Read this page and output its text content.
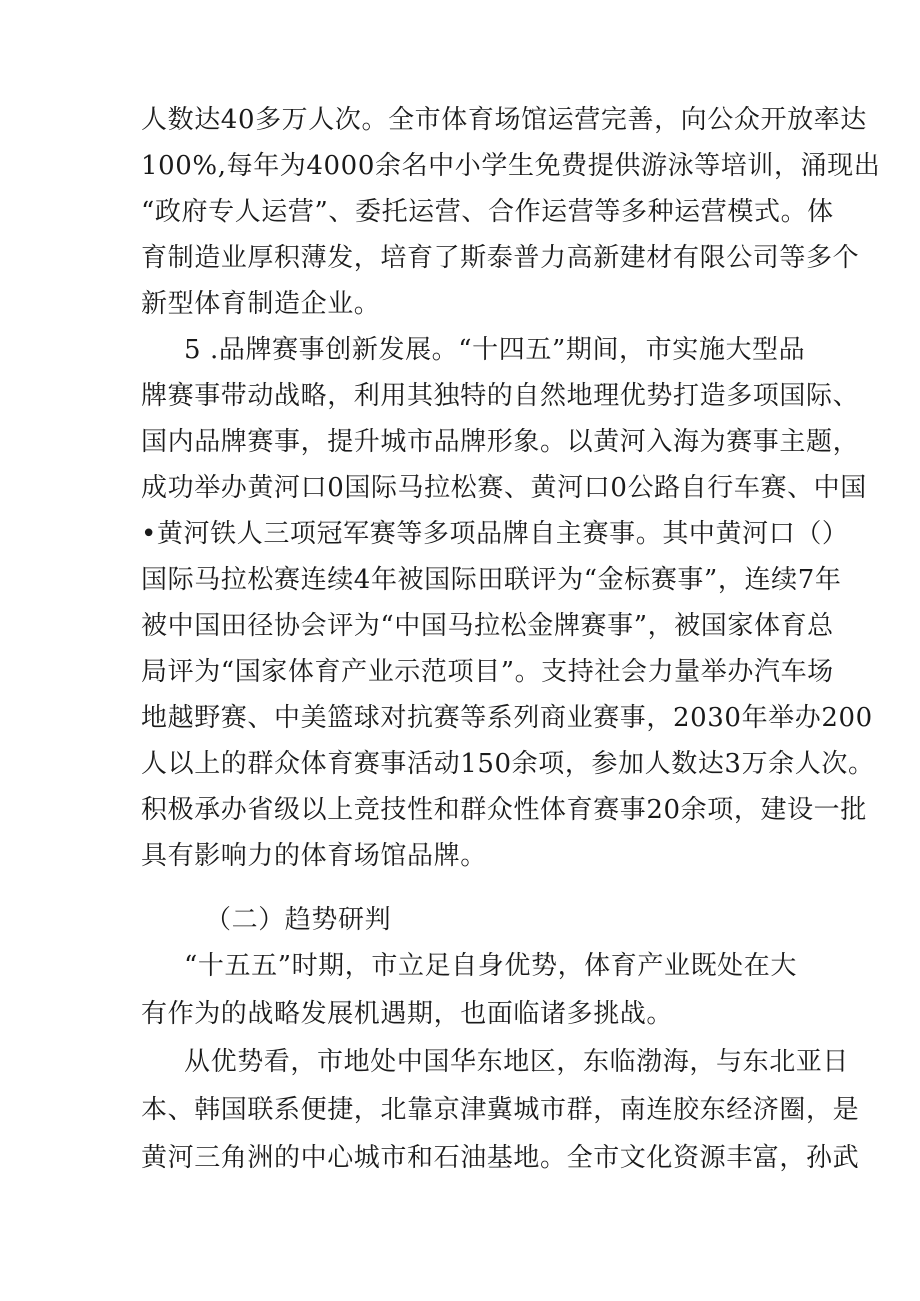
人数达40多万人次。全市体育场馆运营完善，向公众开放率达
100%,每年为4000余名中小学生免费提供游泳等培训，涌现出
“政府专人运营”、委托运营、合作运营等多种运营模式。体
育制造业厚积薄发，培育了斯泰普力高新建材有限公司等多个
新型体育制造企业。
5 .品牌赛事创新发展。“十四五”期间，市实施大型品
牌赛事带动战略，利用其独特的自然地理优势打造多项国际、
国内品牌赛事，提升城市品牌形象。以黄河入海为赛事主题，
成功举办黄河口0国际马拉松赛、黄河口0公路自行车赛、中国
•黄河铁人三项冠军赛等多项品牌自主赛事。其中黄河口（）
国际马拉松赛连续4年被国际田联评为“金标赛事”，连续7年
被中国田径协会评为“中国马拉松金牌赛事”，被国家体育总
局评为“国家体育产业示范项目”。支持社会力量举办汽车场
地越野赛、中美篮球对抗赛等系列商业赛事，2030年举办200
人以上的群众体育赛事活动150余项，参加人数达3万余人次。
积极承办省级以上竞技性和群众性体育赛事20余项，建设一批
具有影响力的体育场馆品牌。
（二）趋势研判
“十五五”时期，市立足自身优势，体育产业既处在大
有作为的战略发展机遇期，也面临诸多挑战。
从优势看，市地处中国华东地区，东临渤海，与东北亚日
本、韩国联系便捷，北靠京津冀城市群，南连胶东经济圈，是
黄河三角洲的中心城市和石油基地。全市文化资源丰富，孙武
